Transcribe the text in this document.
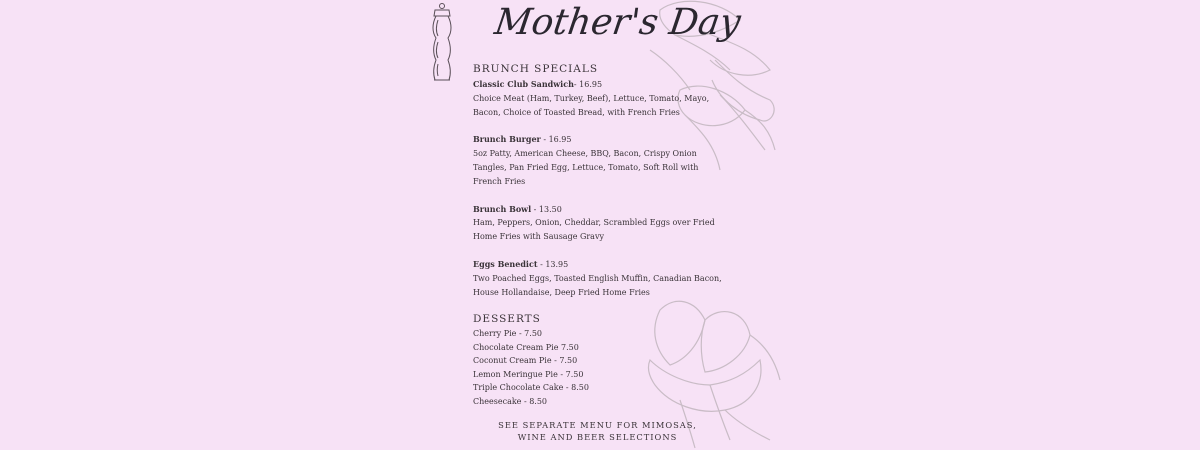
Mother's Day
BRUNCH SPECIALS
Classic Club Sandwich- 16.95
Choice Meat (Ham, Turkey, Beef), Lettuce, Tomato, Mayo,
Bacon, Choice of Toasted Bread, with French Fries
Brunch Burger - 16.95
5oz Patty, American Cheese, BBQ, Bacon, Crispy Onion
Tangles, Pan Fried Egg, Lettuce, Tomato, Soft Roll with
French Fries
Brunch Bowl - 13.50
Ham, Peppers, Onion, Cheddar, Scrambled Eggs over Fried
Home Fries with Sausage Gravy
Eggs Benedict - 13.95
Two Poached Eggs, Toasted English Muffin, Canadian Bacon,
House Hollandaise, Deep Fried Home Fries
DESSERTS
Cherry Pie - 7.50
Chocolate Cream Pie 7.50
Coconut Cream Pie - 7.50
Lemon Meringue Pie - 7.50
Triple Chocolate Cake - 8.50
Cheesecake - 8.50
SEE SEPARATE MENU FOR MIMOSAS,
WINE AND BEER SELECTIONS
